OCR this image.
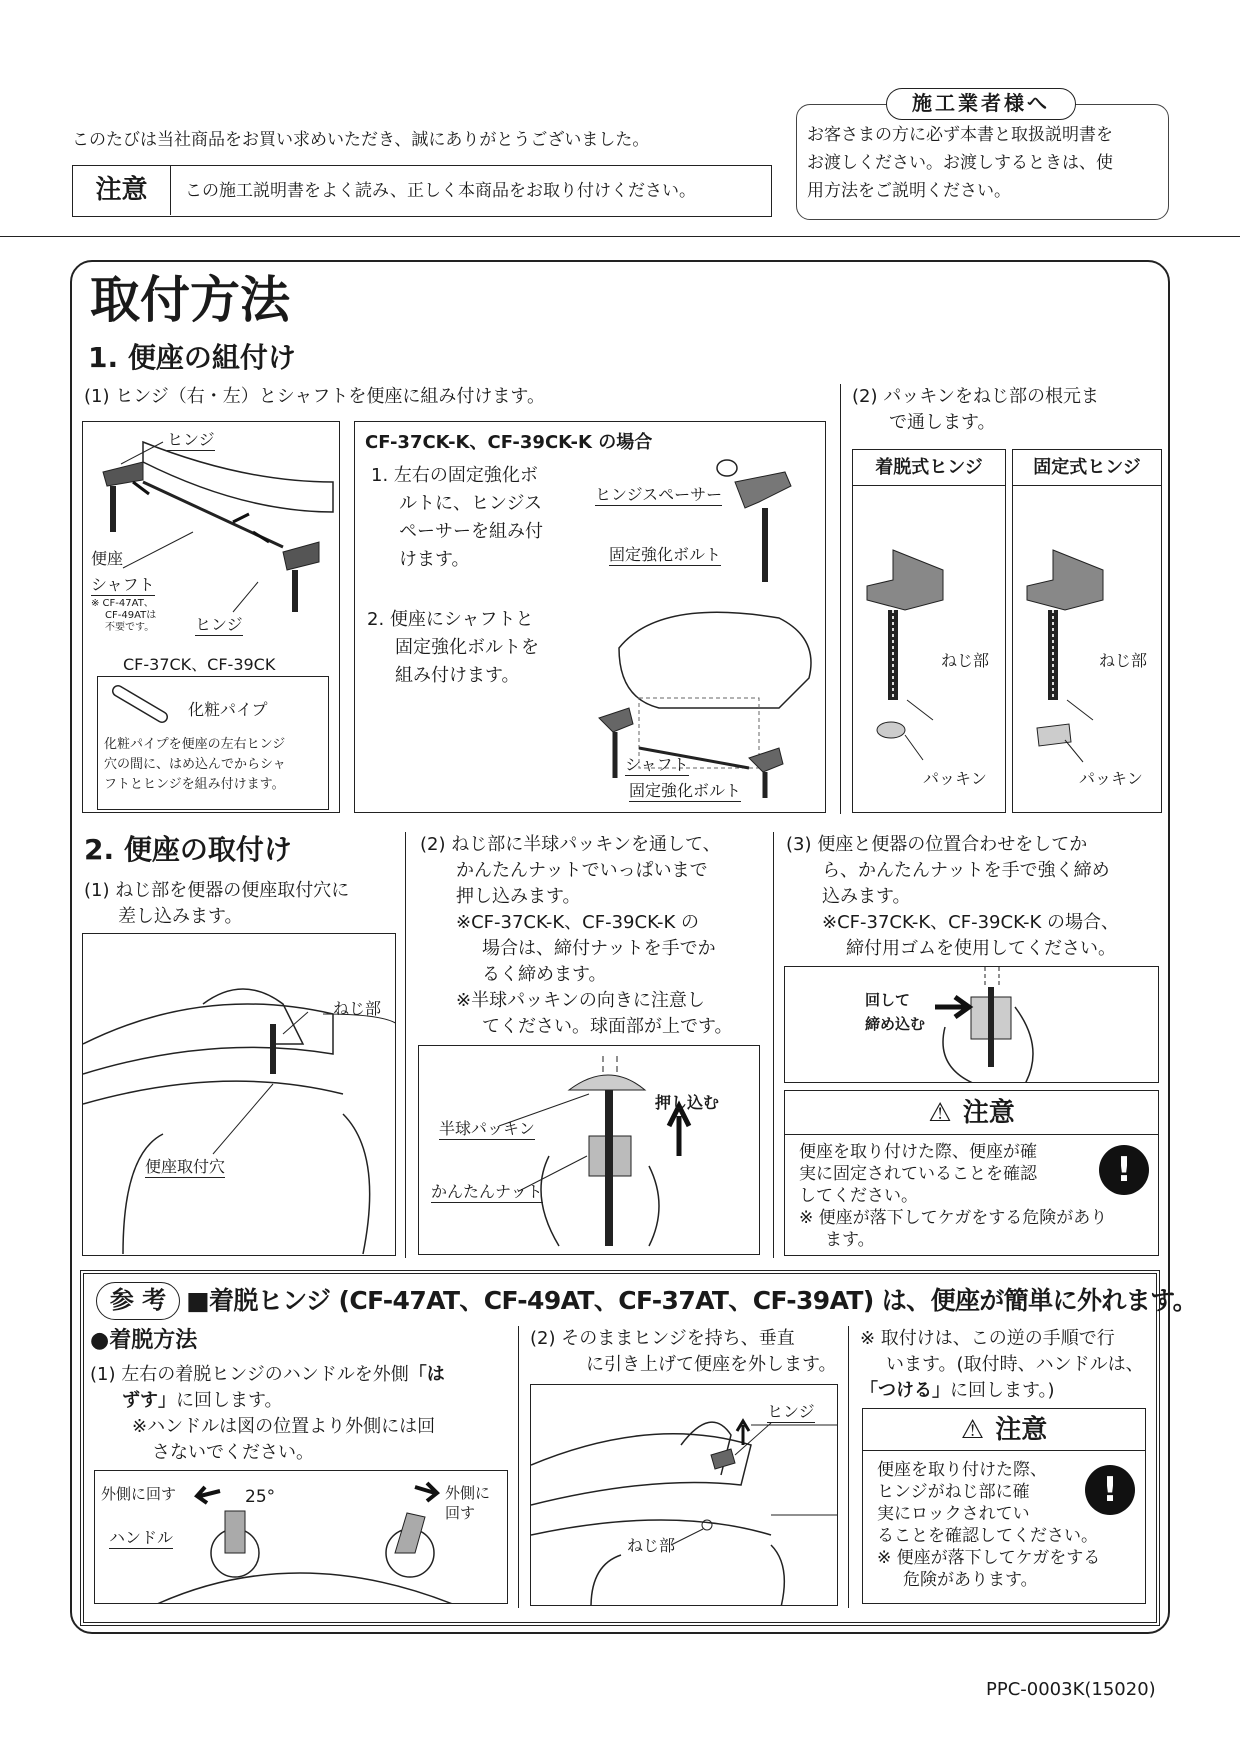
このたびは当社商品をお買い求めいただき、誠にありがとうございました。
注意	この施工説明書をよく読み、正しく本商品をお取り付けください。
お客さまの方に必ず本書と取扱説明書を
お渡しください。お渡しするときは、使
用方法をご説明ください。
施工業者様へ
取付方法
1. 便座の組付け
(1) ヒンジ（右・左）とシャフトを便座に組み付けます。	(2) パッキンをねじ部の根元ま
で通します。
ヒンジ
便座
シャフト
※ CF-47AT、
CF-49ATは
不要です。	ヒンジ
CF-37CK、CF-39CK
化粧パイプ
化粧パイプを便座の左右ヒンジ
穴の間に、はめ込んでからシャ
フトとヒンジを組み付けます。
CF-37CK-K、CF-39CK-K の場合
1. 左右の固定強化ボ
ルトに、ヒンジス
ペーサーを組み付
けます。
ヒンジスペーサー
固定強化ボルト
2. 便座にシャフトと
固定強化ボルトを
組み付けます。
シャフト
固定強化ボルト
着脱式ヒンジ
ねじ部
パッキン
固定式ヒンジ
ねじ部
パッキン
2. 便座の取付け
(1) ねじ部を便器の便座取付穴に
差し込みます。
ねじ部
便座取付穴
(2) ねじ部に半球パッキンを通して、
かんたんナットでいっぱいまで
押し込みます。
※CF-37CK-K、CF-39CK-K の
場合は、締付ナットを手でか
るく締めます。
※半球パッキンの向きに注意し
てください。球面部が上です。
半球パッキン
押し込む
かんたんナット
(3) 便座と便器の位置合わせをしてか
ら、かんたんナットを手で強く締め
込みます。
※CF-37CK-K、CF-39CK-K の場合、
締付用ゴムを使用してください。
回して
締め込む
⚠ 注意
便座を取り付けた際、便座が確
実に固定されていることを確認
してください。
※ 便座が落下してケガをする危険があり
ます。
!
参 考 ■着脱ヒンジ (CF-47AT、CF-49AT、CF-37AT、CF-39AT) は、便座が簡単に外れます。
●着脱方法
(1) 左右の着脱ヒンジのハンドルを外側「は
ずす」に回します。
※ハンドルは図の位置より外側には回
さないでください。
外側に回す	25°
ハンドル
外側に
回す
(2) そのままヒンジを持ち、垂直
に引き上げて便座を外します。
ヒンジ
ねじ部
※ 取付けは、この逆の手順で行
います。(取付時、ハンドルは、
「つける」に回します。)
⚠ 注意
便座を取り付けた際、
ヒンジがねじ部に確
実にロックされてい
ることを確認してください。
※ 便座が落下してケガをする
危険があります。
!
PPC-0003K(15020)
